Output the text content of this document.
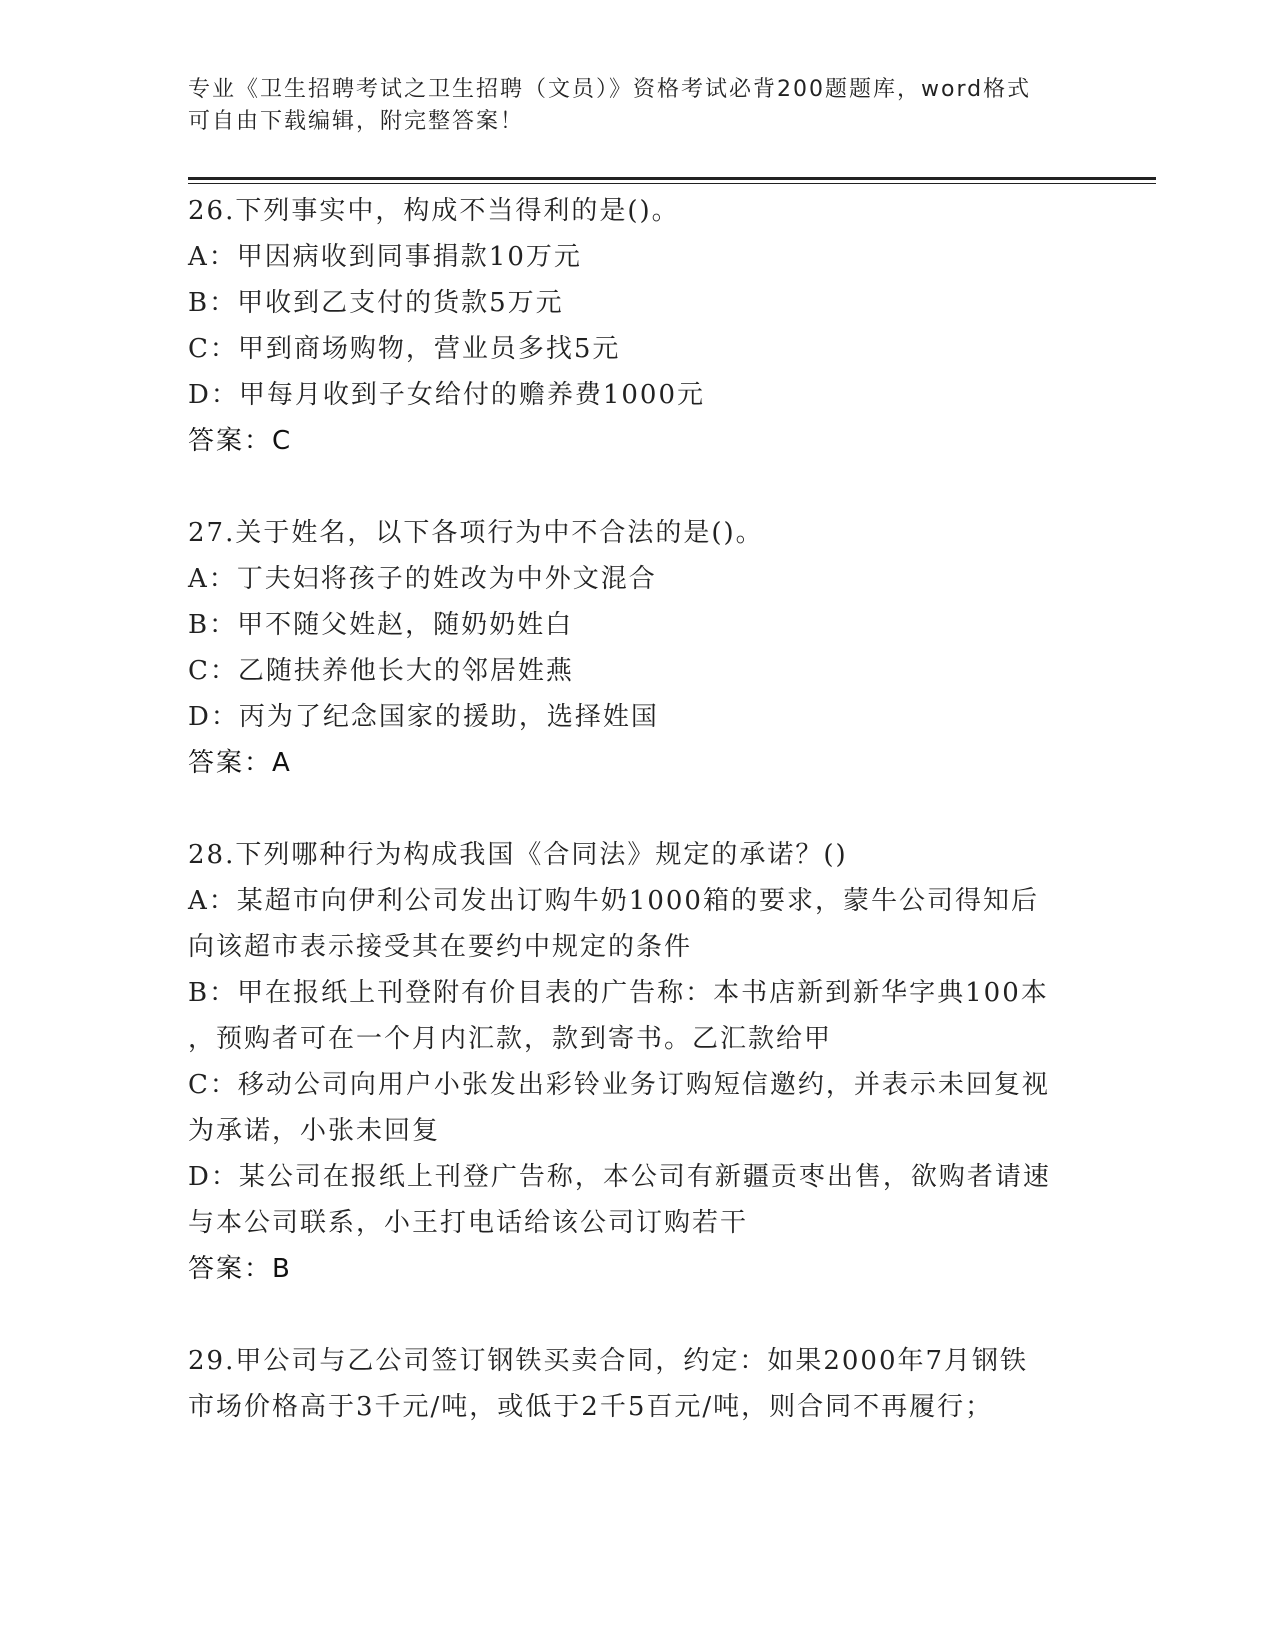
专业《卫生招聘考试之卫生招聘（文员）》资格考试必背200题题库，word格式
可自由下载编辑，附完整答案！
26.下列事实中，构成不当得利的是()。
A：甲因病收到同事捐款10万元
B：甲收到乙支付的货款5万元
C：甲到商场购物，营业员多找5元
D：甲每月收到子女给付的赡养费1000元
答案：C
27.关于姓名，以下各项行为中不合法的是()。
A：丁夫妇将孩子的姓改为中外文混合
B：甲不随父姓赵，随奶奶姓白
C：乙随扶养他长大的邻居姓燕
D：丙为了纪念国家的援助，选择姓国
答案：A
28.下列哪种行为构成我国《合同法》规定的承诺？()
A：某超市向伊利公司发出订购牛奶1000箱的要求，蒙牛公司得知后
向该超市表示接受其在要约中规定的条件
B：甲在报纸上刊登附有价目表的广告称：本书店新到新华字典100本
，预购者可在一个月内汇款，款到寄书。乙汇款给甲
C：移动公司向用户小张发出彩铃业务订购短信邀约，并表示未回复视
为承诺，小张未回复
D：某公司在报纸上刊登广告称，本公司有新疆贡枣出售，欲购者请速
与本公司联系，小王打电话给该公司订购若干
答案：B
29.甲公司与乙公司签订钢铁买卖合同，约定：如果2000年7月钢铁
市场价格高于3千元/吨，或低于2千5百元/吨，则合同不再履行；
